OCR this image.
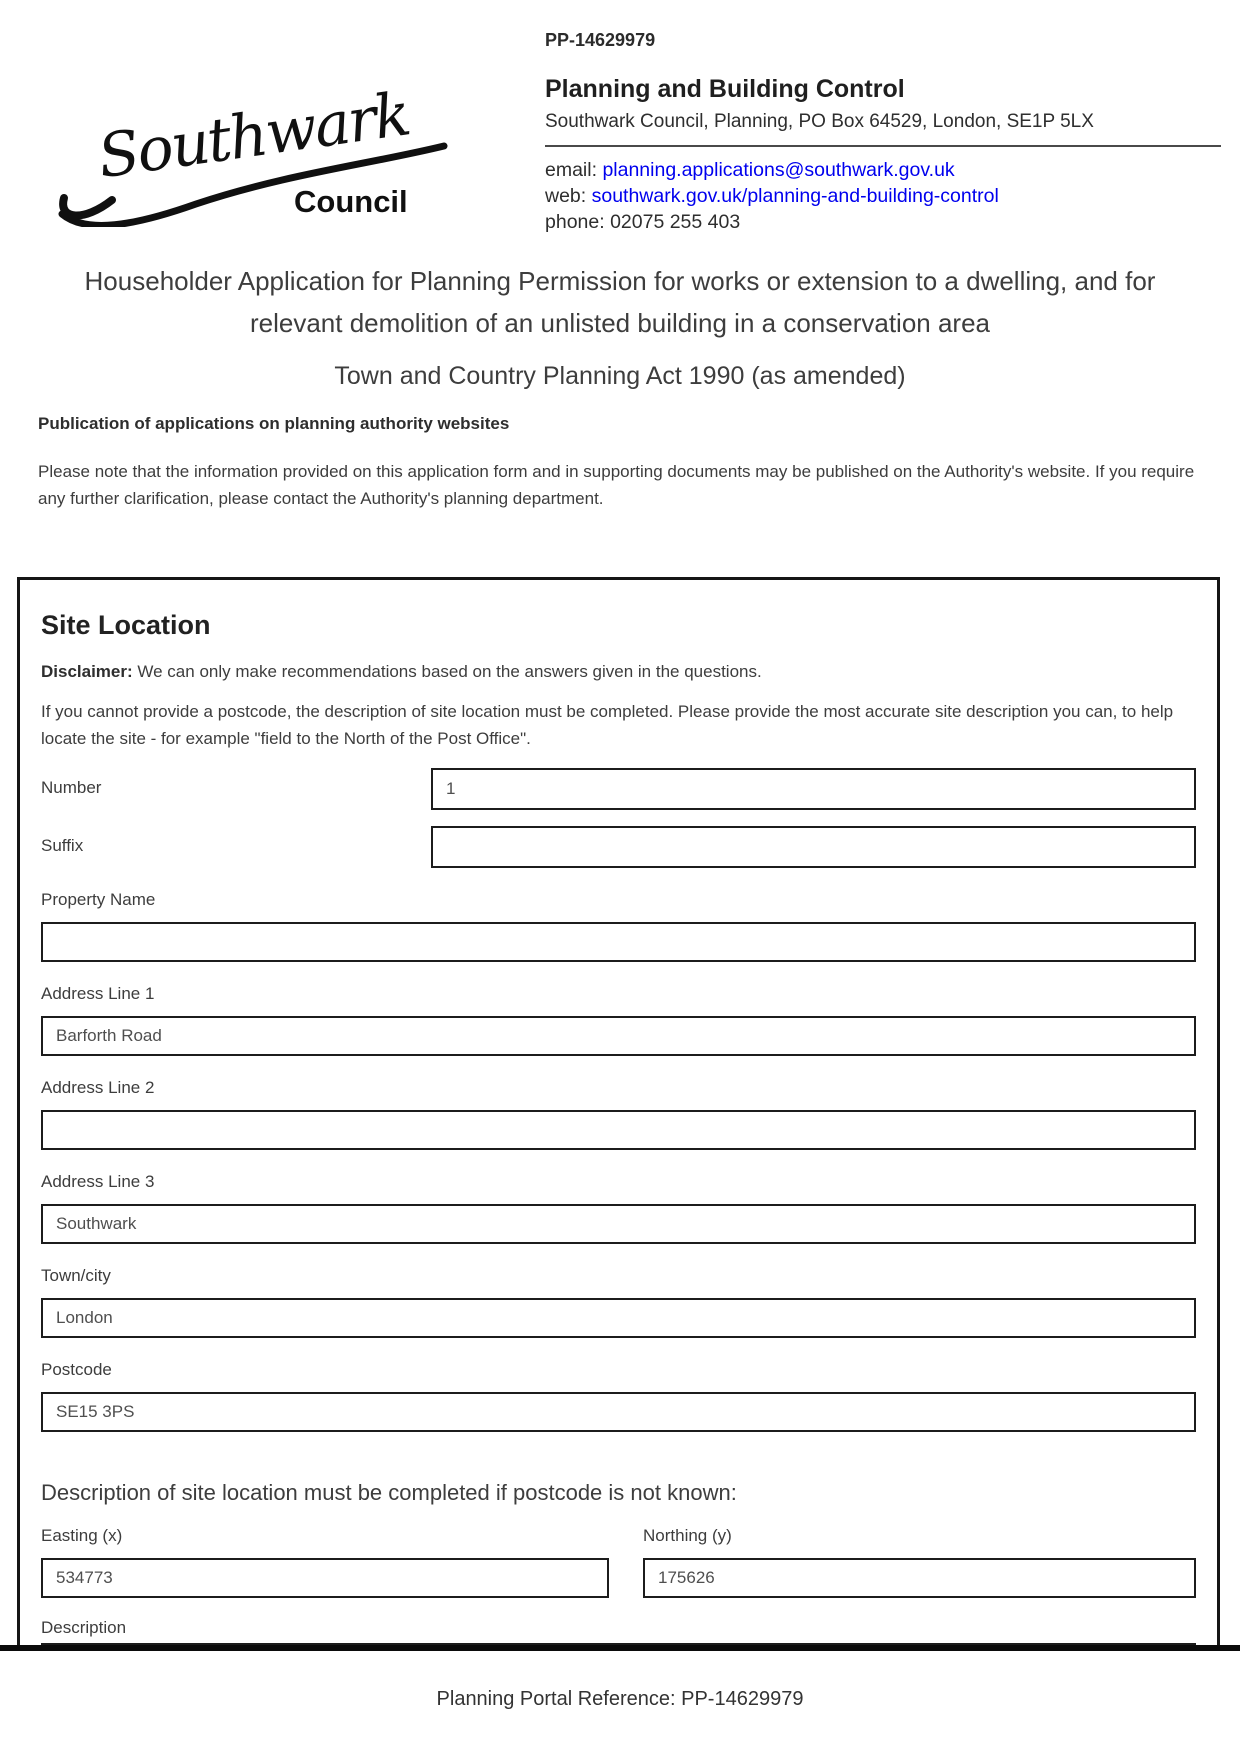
Southwark
Council

PP-14629979

Planning and Building Control

Southwark Council, Planning, PO Box 64529, London, SE1P 5LX

email: planning.applications@southwark.gov.uk

web: southwark.gov.uk/planning-and-building-control

phone: 02075 255 403

Householder Application for Planning Permission for works or extension to a dwelling, and for
relevant demolition of an unlisted building in a conservation area
Town and Country Planning Act 1990 (as amended)
Publication of applications on planning authority websites
Please note that the information provided on this application form and in supporting documents may be published on the Authority's website. If you require any further clarification, please contact the Authority's planning department.
Site Location

Disclaimer: We can only make recommendations based on the answers given in the questions.

If you cannot provide a postcode, the description of site location must be completed. Please provide the most accurate site description you can, to help locate the site - for example "field to the North of the Post Office".

Number
1
Suffix
Property Name
Address Line 1
Barforth Road
Address Line 2
Address Line 3
Southwark
Town/city
London
Postcode
SE15 3PS
Description of site location must be completed if postcode is not known:
Easting (x)
534773	Northing (y)
175626
Description
Planning Portal Reference: PP-14629979
